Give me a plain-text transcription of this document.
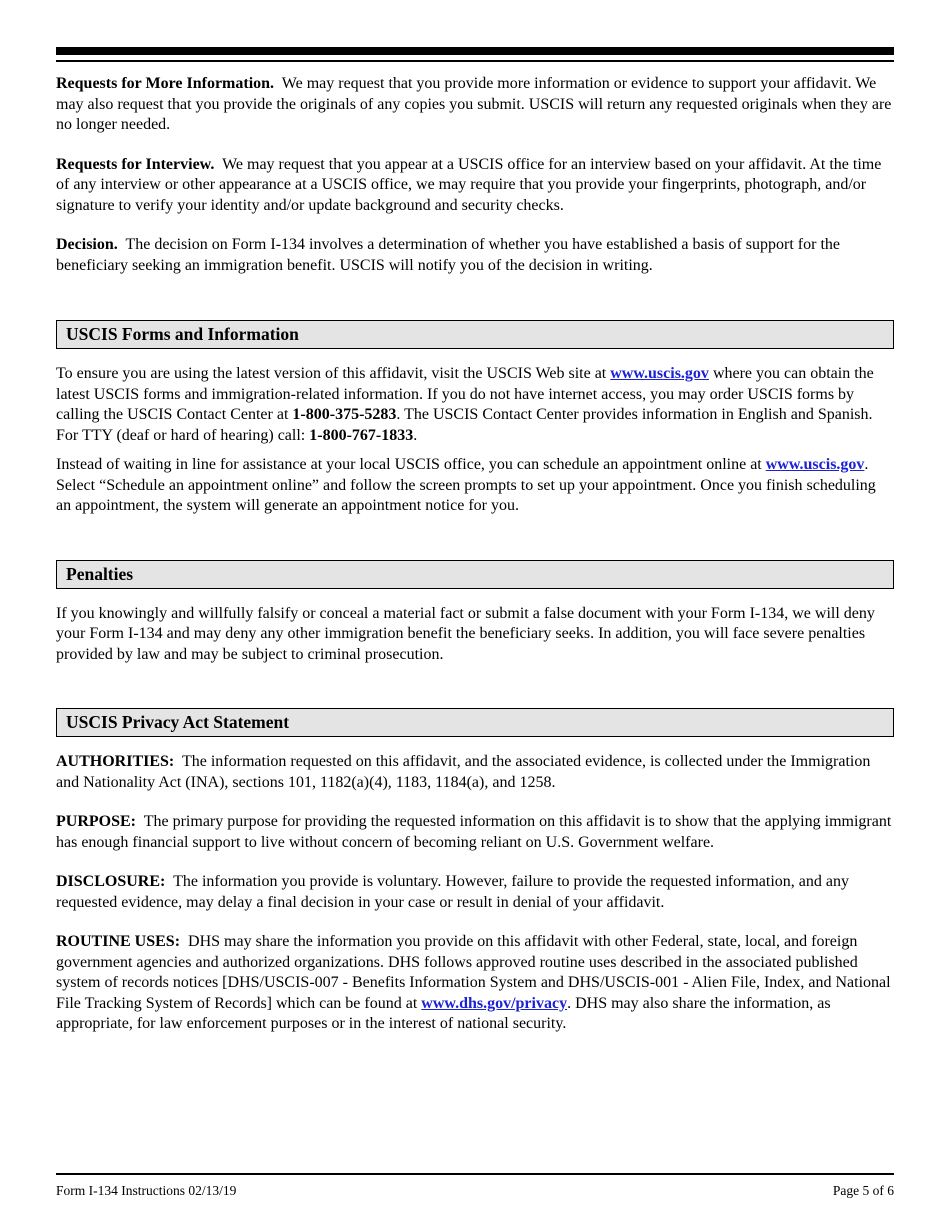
Requests for More Information. We may request that you provide more information or evidence to support your affidavit. We may also request that you provide the originals of any copies you submit. USCIS will return any requested originals when they are no longer needed.

Requests for Interview. We may request that you appear at a USCIS office for an interview based on your affidavit. At the time of any interview or other appearance at a USCIS office, we may require that you provide your fingerprints, photograph, and/or signature to verify your identity and/or update background and security checks.

Decision. The decision on Form I-134 involves a determination of whether you have established a basis of support for the beneficiary seeking an immigration benefit. USCIS will notify you of the decision in writing.

USCIS Forms and Information

To ensure you are using the latest version of this affidavit, visit the USCIS Web site at www.uscis.gov where you can obtain the latest USCIS forms and immigration-related information. If you do not have internet access, you may order USCIS forms by calling the USCIS Contact Center at 1-800-375-5283. The USCIS Contact Center provides information in English and Spanish. For TTY (deaf or hard of hearing) call: 1-800-767-1833.

Instead of waiting in line for assistance at your local USCIS office, you can schedule an appointment online at www.uscis.gov. Select “Schedule an appointment online” and follow the screen prompts to set up your appointment. Once you finish scheduling an appointment, the system will generate an appointment notice for you.

Penalties

If you knowingly and willfully falsify or conceal a material fact or submit a false document with your Form I-134, we will deny your Form I-134 and may deny any other immigration benefit the beneficiary seeks. In addition, you will face severe penalties provided by law and may be subject to criminal prosecution.

USCIS Privacy Act Statement

AUTHORITIES: The information requested on this affidavit, and the associated evidence, is collected under the Immigration and Nationality Act (INA), sections 101, 1182(a)(4), 1183, 1184(a), and 1258.

PURPOSE: The primary purpose for providing the requested information on this affidavit is to show that the applying immigrant has enough financial support to live without concern of becoming reliant on U.S. Government welfare.

DISCLOSURE: The information you provide is voluntary. However, failure to provide the requested information, and any requested evidence, may delay a final decision in your case or result in denial of your affidavit.

ROUTINE USES: DHS may share the information you provide on this affidavit with other Federal, state, local, and foreign government agencies and authorized organizations. DHS follows approved routine uses described in the associated published system of records notices [DHS/USCIS-007 - Benefits Information System and DHS/USCIS-001 - Alien File, Index, and National File Tracking System of Records] which can be found at www.dhs.gov/privacy. DHS may also share the information, as appropriate, for law enforcement purposes or in the interest of national security.

Form I-134 Instructions 02/13/19	Page 5 of 6
